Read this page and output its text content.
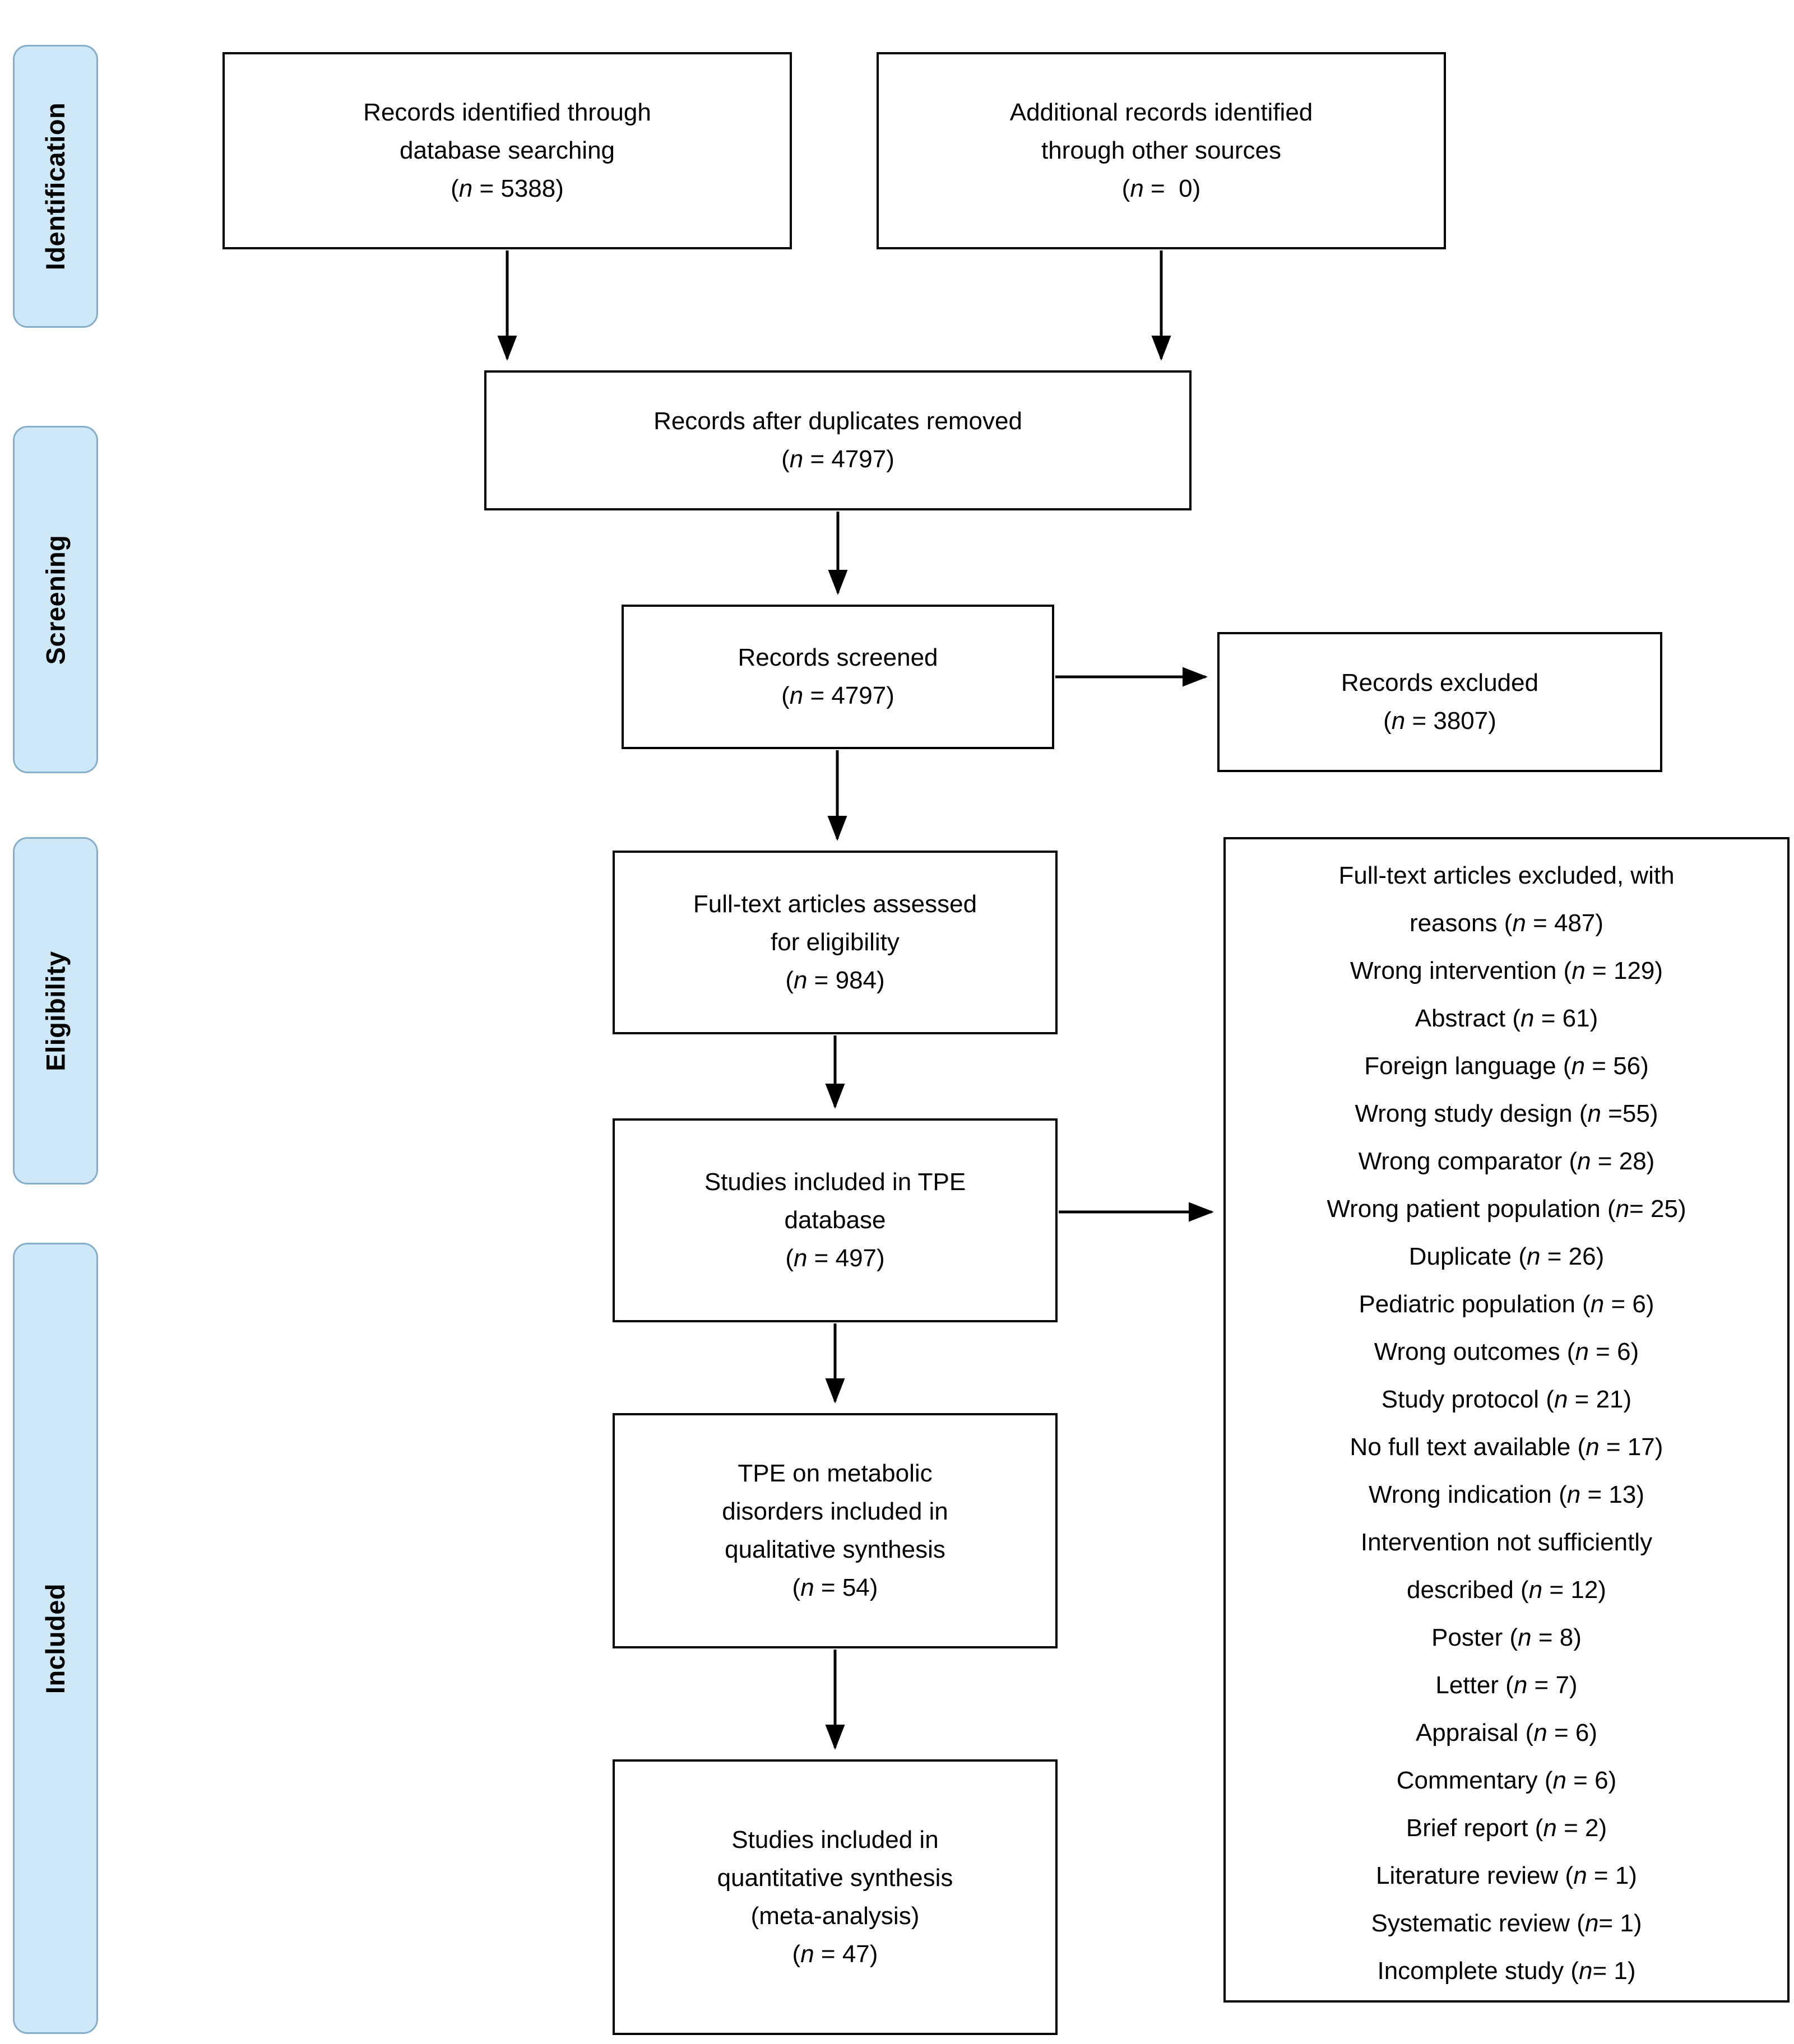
Identification
Screening
Eligibility
Included
Records identified through
database searching
(n = 5388)
Additional records identified
through other sources
(n =  0)
Records after duplicates removed
(n = 4797)
Records screened
(n = 4797)	Records excluded
(n = 3807)
Full-text articles assessed
for eligibility
(n = 984)
Studies included in TPE
database
(n = 497)
Full-text articles excluded, with
reasons (n = 487)
Wrong intervention (n = 129)
Abstract (n = 61)
Foreign language (n = 56)
Wrong study design (n =55)
Wrong comparator (n = 28)
Wrong patient population (n= 25)
Duplicate (n = 26)
Pediatric population (n = 6)
Wrong outcomes (n = 6)
Study protocol (n = 21)
No full text available (n = 17)
Wrong indication (n = 13)
Intervention not sufficiently
described (n = 12)
Poster (n = 8)
Letter (n = 7)
Appraisal (n = 6)
Commentary (n = 6)
Brief report (n = 2)
Literature review (n = 1)
Systematic review (n= 1)
Incomplete study (n= 1)
TPE on metabolic
disorders included in
qualitative synthesis
(n = 54)
Studies included in
quantitative synthesis
(meta-analysis)
(n = 47)
